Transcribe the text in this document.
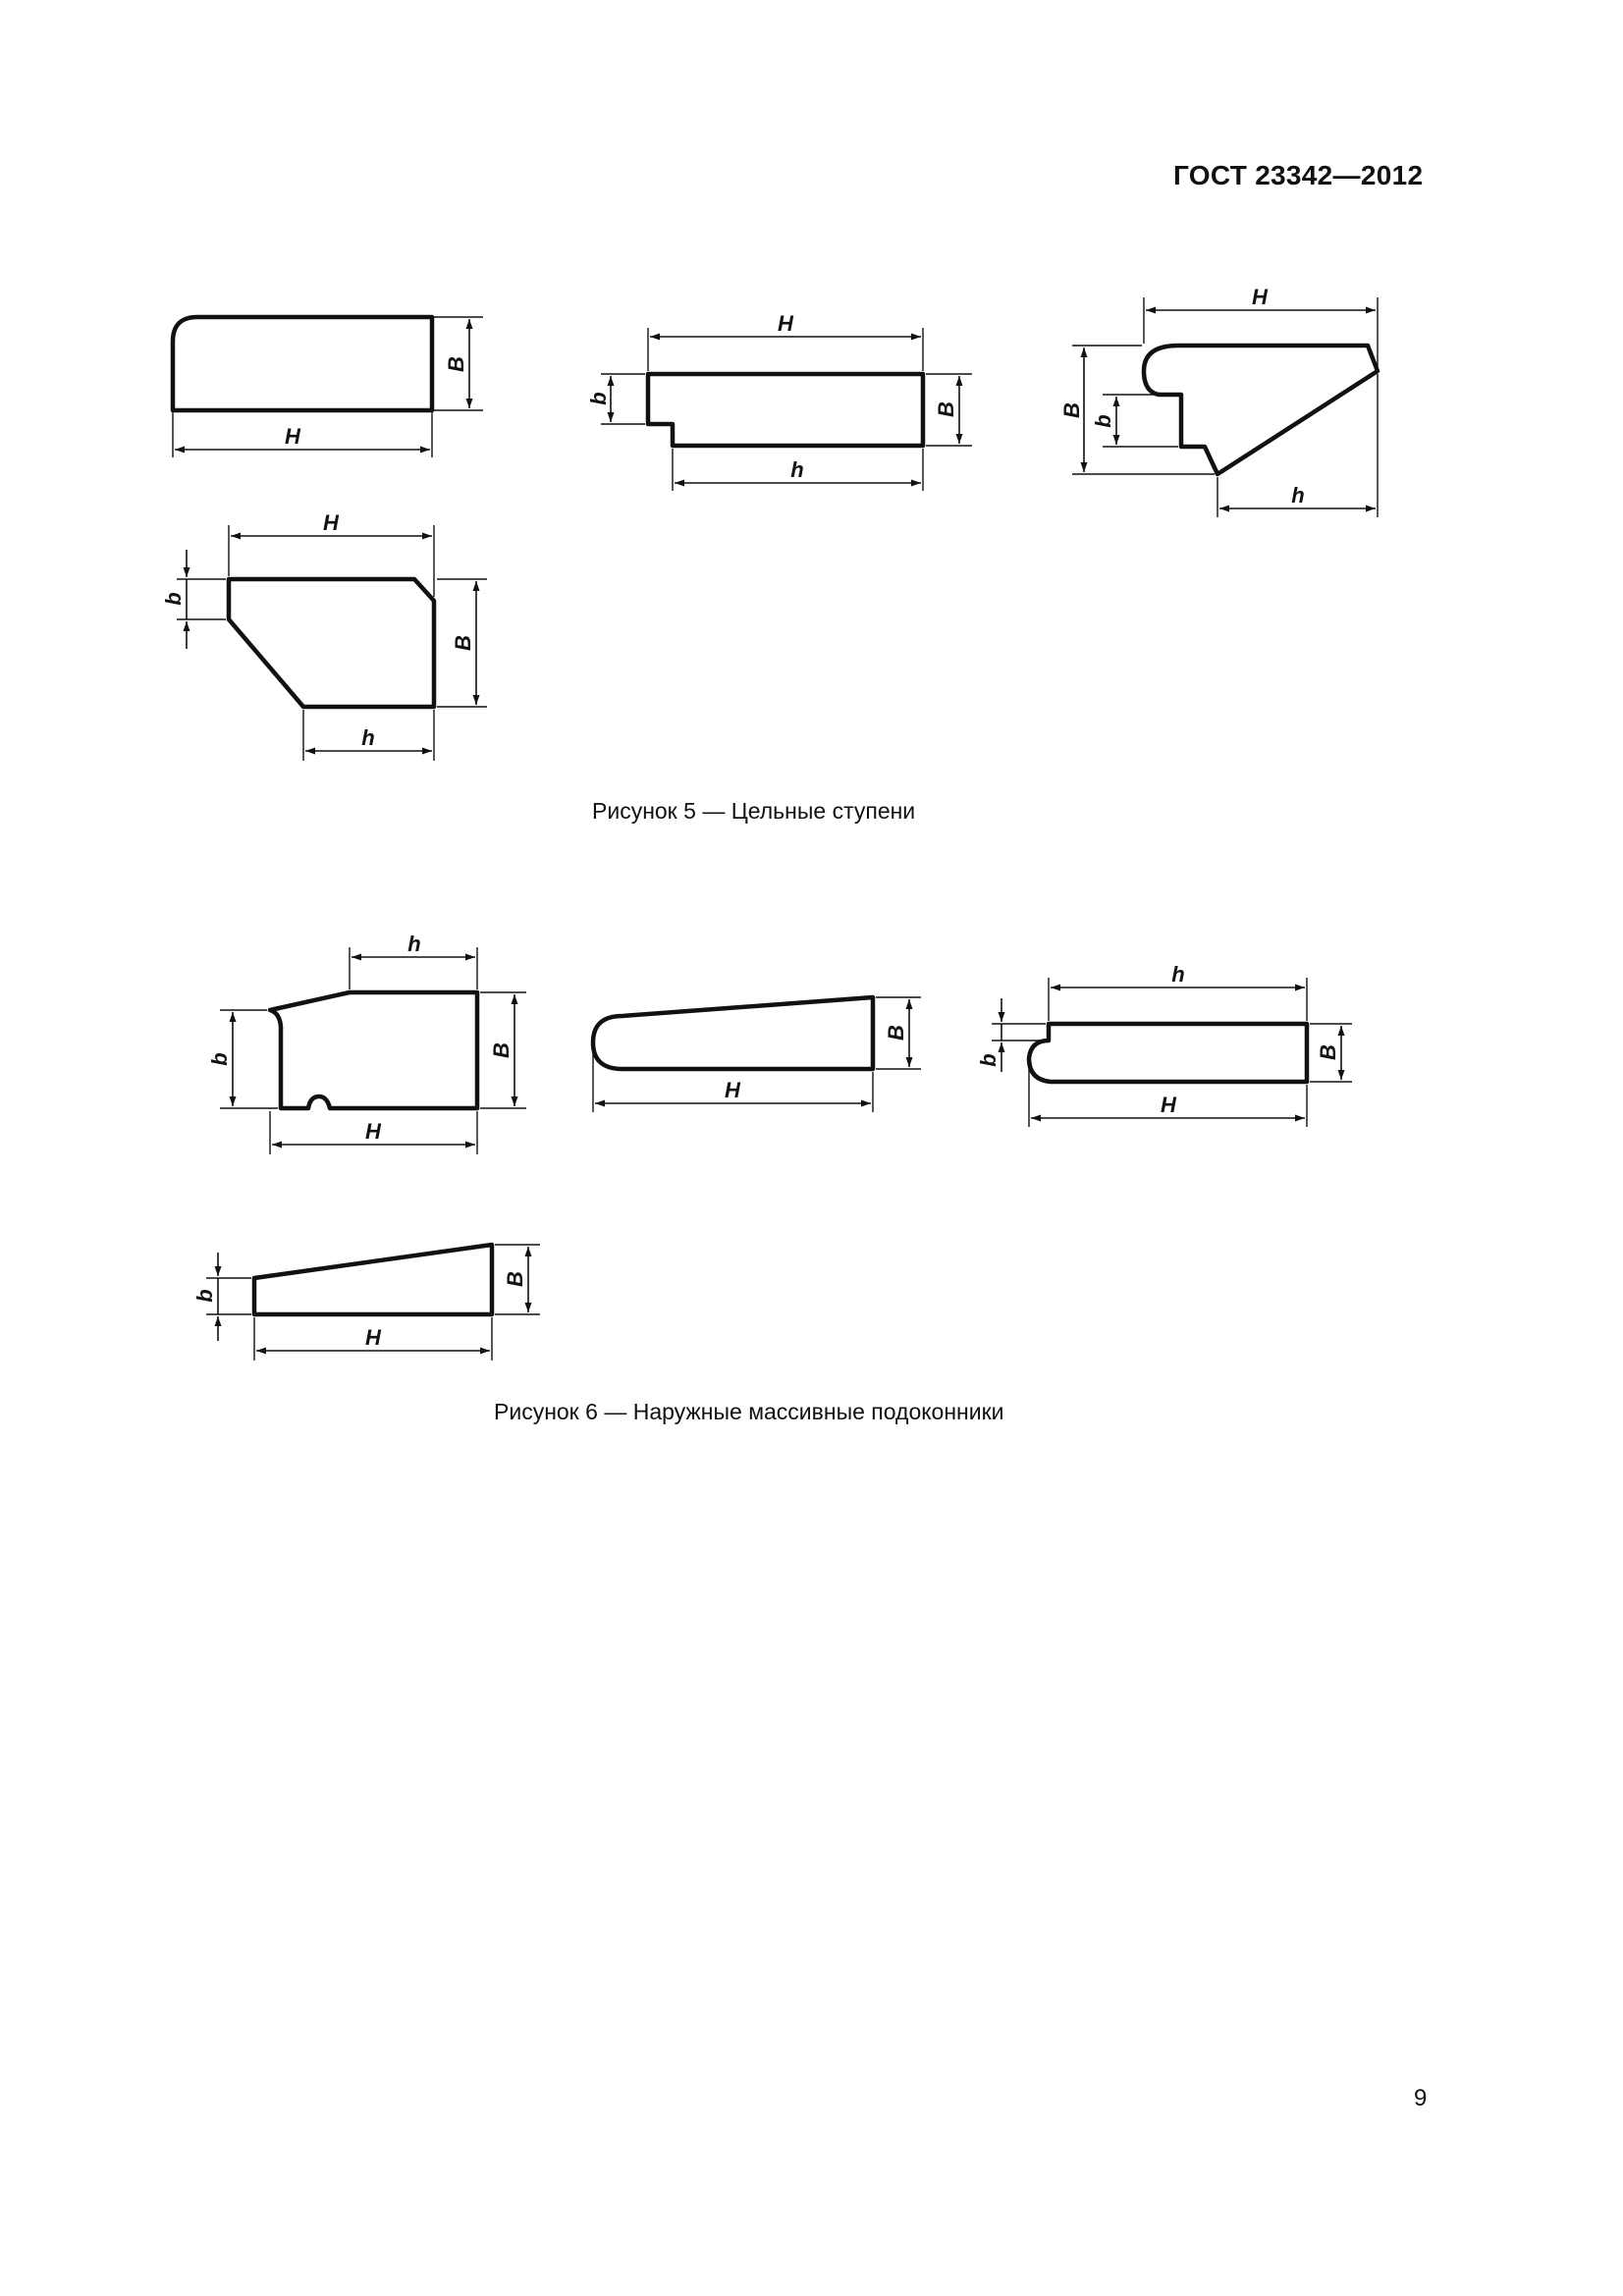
ГОСТ 23342—2012
H
B
H
h
b
B
H
h
B
b
H
h
b
B
h
H
b
B
H
B
h
H
B
b
H
B
b
Рисунок 5 — Цельные ступени
Рисунок 6 — Наружные массивные подоконники
9
